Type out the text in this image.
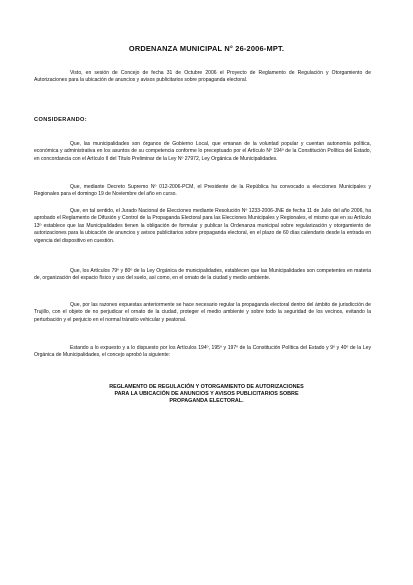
ORDENANZA MUNICIPAL N° 26-2006-MPT.

Visto, en sesión de Concejo de fecha 31 de Octubre 2006 el Proyecto de Reglamento de Regulación y Otorgamiento de Autorizaciones para la ubicación de anuncios y avisos publicitarios sobre propaganda electoral.

CONSIDERANDO:

Que, las municipalidades son órganos de Gobierno Local, que emanan de la voluntad popular y cuentan autonomía política, económica y administrativa en los asuntos de su competencia conforme lo preceptuado por el Artículo Nº 194º de la Constitución Política del Estado, en concordancia con el Artículo II del Título Preliminar de la Ley Nº 27972, Ley Orgánica de Municipalidades.

Que, mediante Decreto Supremo Nº 012-2006-PCM, el Presidente de la República ha convocado a elecciones Municipales y Regionales para el domingo 19 de Noviembre del año en curso.

Que, en tal sentido, el Jurado Nacional de Elecciones mediante Resolución Nº 1233-2006-JNE de fecha 11 de Julio del año 2006, ha aprobado el Reglamento de Difusión y Control de la Propaganda Electoral para las Elecciones Municipales y Regionales, el mismo que en su Artículo 13º establece que las Municipalidades tienen la obligación de formular y publicar la Ordenanza municipal sobre regularización y otorgamiento de autorizaciones para la ubicación de anuncios y avisos publicitarios sobre propaganda electoral, en el plazo de 60 días calendario desde la entrada en vigencia del dispositivo en cuestión.

Que, los Artículos 79º y 80º de la Ley Orgánica de municipalidades, establecen que las Municipalidades son competentes en materia de, organización del espacio físico y uso del suelo, así como, en el ornato de la ciudad y medio ambiente.

Que, por las razones expuestas anteriormente se hace necesario regular la propaganda electoral dentro del ámbito de jurisdicción de Trujillo, con el objeto de no perjudicar el ornato de la ciudad, proteger el medio ambiente y sobre todo la seguridad de los vecinos, evitando la perturbación y el perjuicio en el normal tránsito vehicular y peatonal.

Estando a lo expuesto y a lo dispuesto por los Artículos 194º, 195º y 197º de la Constitución Política del Estado y 9º y 40º de la Ley Orgánica de Municipalidades, el concejo aprobó la siguiente:

REGLAMENTO DE REGULACIÓN Y OTORGAMIENTO DE AUTORIZACIONES
PARA LA UBICACIÓN DE ANUNCIOS Y AVISOS PUBLICITARIOS SOBRE
PROPAGANDA ELECTORAL.
